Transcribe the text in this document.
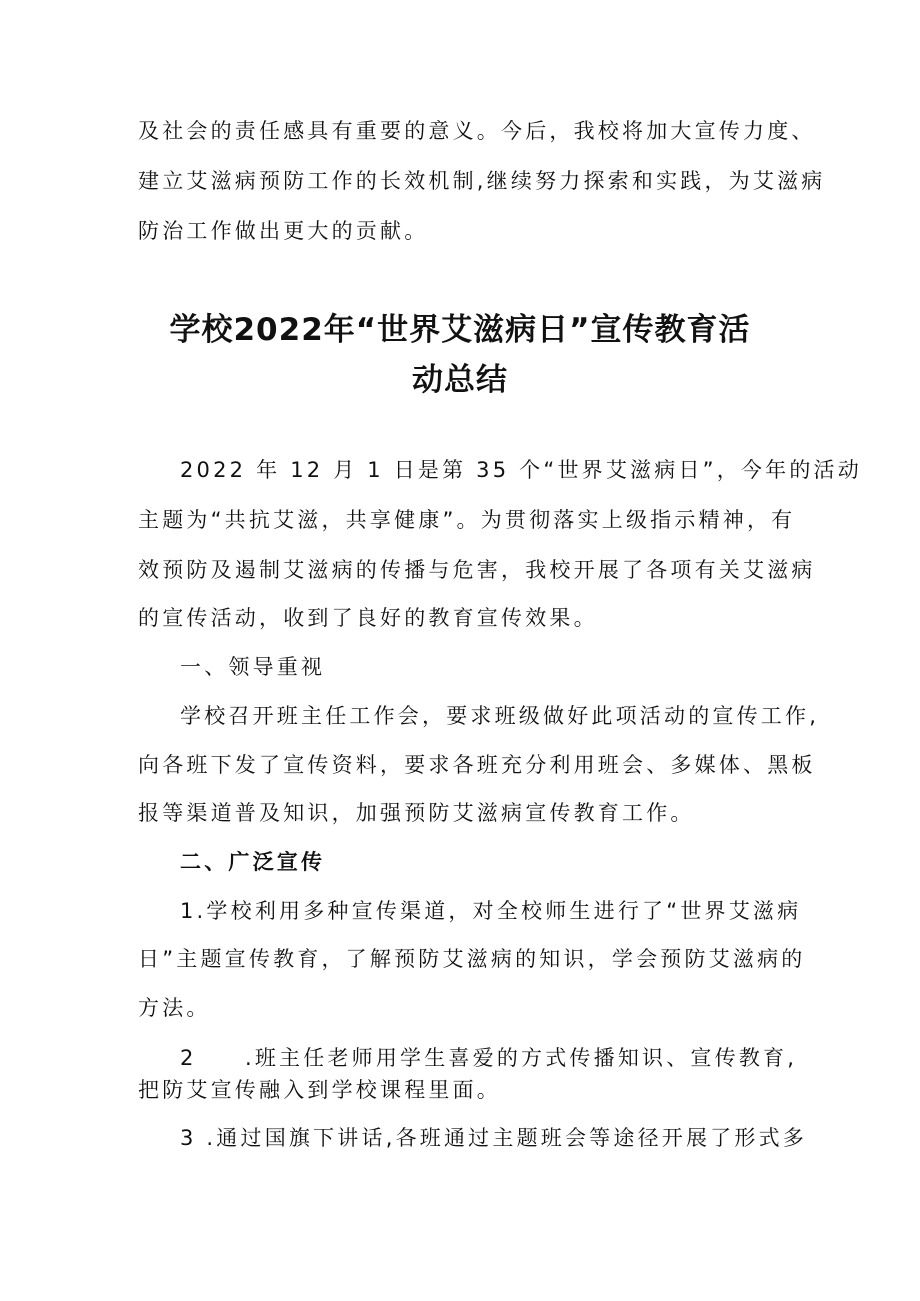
及社会的责任感具有重要的意义。今后，我校将加大宣传力度、
建立艾滋病预防工作的长效机制,继续努力探索和实践，为艾滋病
防治工作做出更大的贡献。
学校2022年“世界艾滋病日”宣传教育活
动总结
2022 年 12 月 1 日是第 35 个“世界艾滋病日”，今年的活动
主题为“共抗艾滋，共享健康”。为贯彻落实上级指示精神，有
效预防及遏制艾滋病的传播与危害，我校开展了各项有关艾滋病
的宣传活动，收到了良好的教育宣传效果。
一、领导重视
学校召开班主任工作会，要求班级做好此项活动的宣传工作,
向各班下发了宣传资料，要求各班充分利用班会、多媒体、黑板
报等渠道普及知识，加强预防艾滋病宣传教育工作。
二、广泛宣传
1.学校利用多种宣传渠道，对全校师生进行了“世界艾滋病
日”主题宣传教育，了解预防艾滋病的知识，学会预防艾滋病的
方法。
2　　.班主任老师用学生喜爱的方式传播知识、宣传教育,
把防艾宣传融入到学校课程里面。
3 .通过国旗下讲话,各班通过主题班会等途径开展了形式多
